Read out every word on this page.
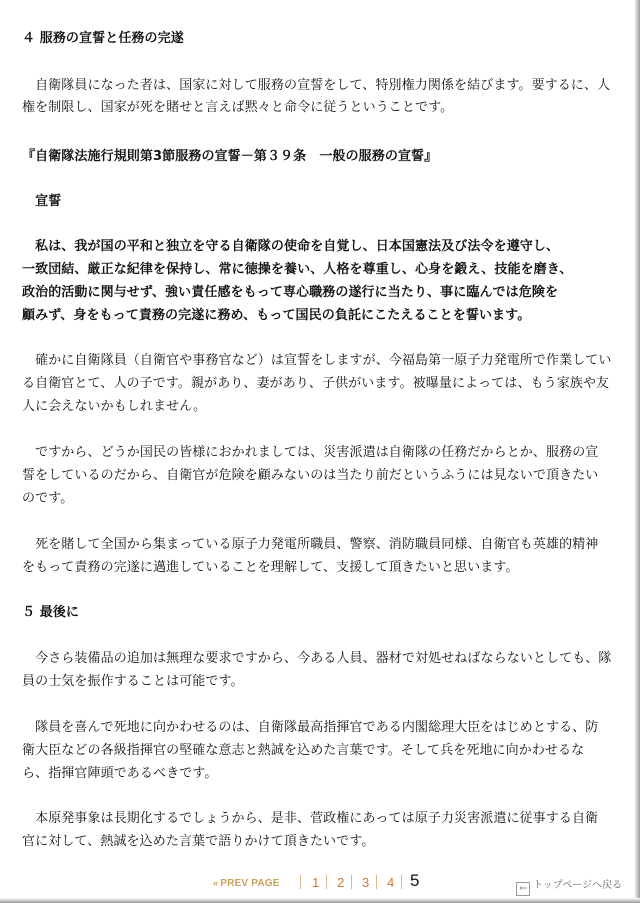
４ 服務の宣誓と任務の完遂
　自衛隊員になった者は、国家に対して服務の宣誓をして、特別権力関係を結びます。要するに、人
権を制限し、国家が死を賭せと言えば黙々と命令に従うということです。
『自衛隊法施行規則第3節服務の宣誓－第３９条　一般の服務の宣誓』
　宣誓
　私は、我が国の平和と独立を守る自衛隊の使命を自覚し、日本国憲法及び法令を遵守し、
一致団結、厳正な紀律を保持し、常に徳操を養い、人格を尊重し、心身を鍛え、技能を磨き、
政治的活動に関与せず、強い責任感をもって専心職務の遂行に当たり、事に臨んでは危険を
顧みず、身をもって責務の完遂に務め、もって国民の負託にこたえることを誓います。
　確かに自衛隊員（自衛官や事務官など）は宣誓をしますが、今福島第一原子力発電所で作業してい
る自衛官とて、人の子です。親があり、妻があり、子供がいます。被曝量によっては、もう家族や友
人に会えないかもしれません。
　ですから、どうか国民の皆様におかれましては、災害派遣は自衛隊の任務だからとか、服務の宣
誓をしているのだから、自衛官が危険を顧みないのは当たり前だというふうには見ないで頂きたい
のです。
　死を賭して全国から集まっている原子力発電所職員、警察、消防職員同様、自衛官も英雄的精神
をもって責務の完遂に邁進していることを理解して、支援して頂きたいと思います。
５ 最後に
　今さら装備品の追加は無理な要求ですから、今ある人員、器材で対処せねばならないとしても、隊
員の士気を振作することは可能です。
　隊員を喜んで死地に向かわせるのは、自衛隊最高指揮官である内閣総理大臣をはじめとする、防
衛大臣などの各級指揮官の堅確な意志と熱誠を込めた言葉です。そして兵を死地に向かわせるな
ら、指揮官陣頭であるべきです。
　本原発事象は長期化するでしょうから、是非、菅政権にあっては原子力災害派遣に従事する自衛
官に対して、熱誠を込めた言葉で語りかけて頂きたいです。
« PREV PAGE 1 2 3 4 5	⇐ トップページへ戻る
